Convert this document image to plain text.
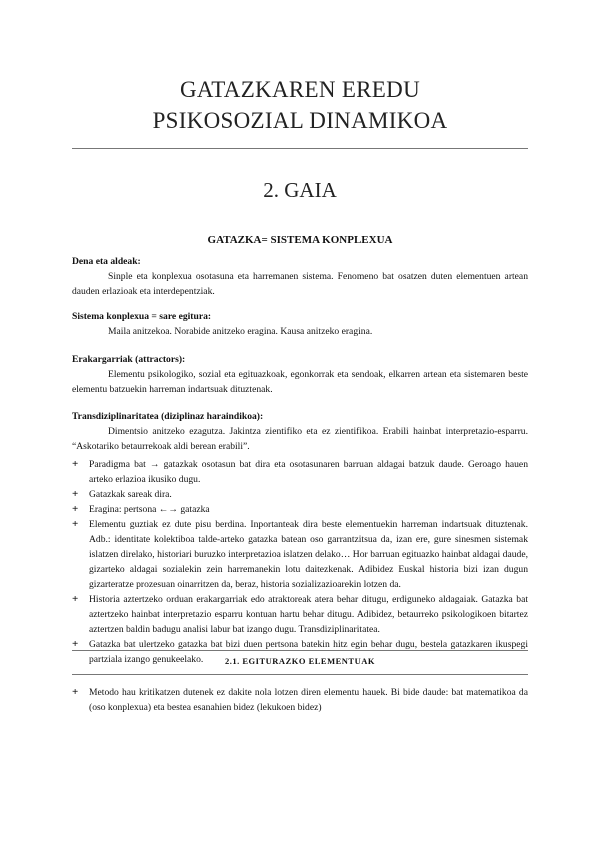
GATAZKAREN EREDU
PSIKOSOZIAL DINAMIKOA
2. GAIA
GATAZKA= SISTEMA KONPLEXUA
Dena eta aldeak:

Sinple eta konplexua osotasuna eta harremanen sistema. Fenomeno bat osatzen duten elementuen artean dauden erlazioak eta interdepentziak.

Sistema konplexua = sare egitura:

Maila anitzekoa. Norabide anitzeko eragina. Kausa anitzeko eragina.

Erakargarriak (attractors):

Elementu psikologiko, sozial eta egituazkoak, egonkorrak eta sendoak, elkarren artean eta sistemaren beste elementu batzuekin harreman indartsuak dituztenak.

Transdiziplinaritatea (diziplinaz haraindikoa):

Dimentsio anitzeko ezagutza. Jakintza zientifiko eta ez zientifikoa. Erabili hainbat interpretazio-esparru. “Askotariko betaurrekoak aldi berean erabili”.

+ Paradigma bat → gatazkak osotasun bat dira eta osotasunaren barruan aldagai batzuk daude. Geroago hauen arteko erlazioa ikusiko dugu.
+ Gatazkak sareak dira.
+ Eragina: pertsona ←→ gatazka
+ Elementu guztiak ez dute pisu berdina. Inportanteak dira beste elementuekin harreman indartsuak dituztenak. Adb.: identitate kolektiboa talde-arteko gatazka batean oso garrantzitsua da, izan ere, gure sinesmen sistemak islatzen direlako, historiari buruzko interpretazioa islatzen delako… Hor barruan egituazko hainbat aldagai daude, gizarteko aldagai sozialekin zein harremanekin lotu daitezkenak. Adibidez Euskal historia bizi izan dugun gizarteratze prozesuan oinarritzen da, beraz, historia sozializazioarekin lotzen da.
+ Historia aztertzeko orduan erakargarriak edo atraktoreak atera behar ditugu, erdiguneko aldagaiak. Gatazka bat aztertzeko hainbat interpretazio esparru kontuan hartu behar ditugu. Adibidez, betaurreko psikologikoen bitartez aztertzen baldin badugu analisi labur bat izango dugu. Transdiziplinaritatea.
+ Gatazka bat ulertzeko gatazka bat bizi duen pertsona batekin hitz egin behar dugu, bestela gatazkaren ikuspegi partziala izango genukeelako.	2.1. EGITURAZKO ELEMENTUAK
+ Metodo hau kritikatzen dutenek ez dakite nola lotzen diren elementu hauek. Bi bide daude: bat matematikoa da (oso konplexua) eta bestea esanahien bidez (lekukoen bidez)
